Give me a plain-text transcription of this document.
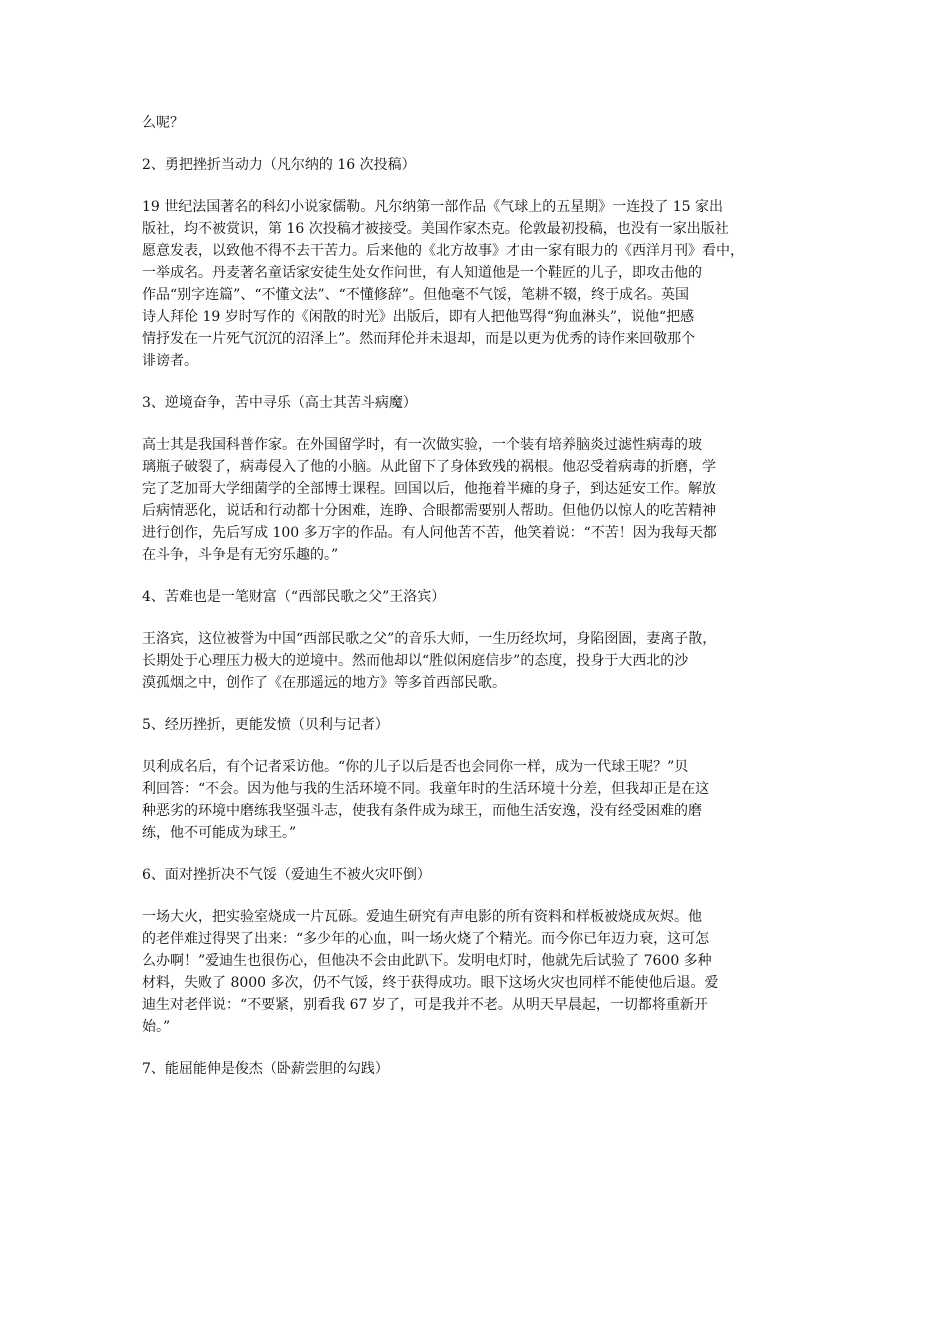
么呢？
2、勇把挫折当动力（凡尔纳的 16 次投稿）
19 世纪法国著名的科幻小说家儒勒。凡尔纳第一部作品《气球上的五星期》一连投了 15 家出
版社，均不被赏识，第 16 次投稿才被接受。美国作家杰克。伦敦最初投稿，也没有一家出版社
愿意发表，以致他不得不去干苦力。后来他的《北方故事》才由一家有眼力的《西洋月刊》看中，
一举成名。丹麦著名童话家安徒生处女作问世，有人知道他是一个鞋匠的儿子，即攻击他的
作品“别字连篇”、“不懂文法”、“不懂修辞”。但他毫不气馁，笔耕不辍，终于成名。英国
诗人拜伦 19 岁时写作的《闲散的时光》出版后，即有人把他骂得“狗血淋头”，说他“把感
情抒发在一片死气沉沉的沼泽上”。然而拜伦并未退却，而是以更为优秀的诗作来回敬那个
诽谤者。
3、逆境奋争，苦中寻乐（高士其苦斗病魔）
高士其是我国科普作家。在外国留学时，有一次做实验，一个装有培养脑炎过滤性病毒的玻
璃瓶子破裂了，病毒侵入了他的小脑。从此留下了身体致残的祸根。他忍受着病毒的折磨，学
完了芝加哥大学细菌学的全部博士课程。回国以后，他拖着半瘫的身子，到达延安工作。解放
后病情恶化，说话和行动都十分困难，连睁、合眼都需要别人帮助。但他仍以惊人的吃苦精神
进行创作，先后写成 100 多万字的作品。有人问他苦不苦，他笑着说：“不苦！因为我每天都
在斗争，斗争是有无穷乐趣的。”
4、苦难也是一笔财富（“西部民歌之父”王洛宾）
王洛宾，这位被誉为中国“西部民歌之父”的音乐大师，一生历经坎坷，身陷囹圄，妻离子散，
长期处于心理压力极大的逆境中。然而他却以“胜似闲庭信步”的态度，投身于大西北的沙
漠孤烟之中，创作了《在那遥远的地方》等多首西部民歌。
5、经历挫折，更能发愤（贝利与记者）
贝利成名后，有个记者采访他。“你的儿子以后是否也会同你一样，成为一代球王呢？”贝
利回答：“不会。因为他与我的生活环境不同。我童年时的生活环境十分差，但我却正是在这
种恶劣的环境中磨练我坚强斗志，使我有条件成为球王，而他生活安逸，没有经受困难的磨
练，他不可能成为球王。”
6、面对挫折决不气馁（爱迪生不被火灾吓倒）
一场大火，把实验室烧成一片瓦砾。爱迪生研究有声电影的所有资料和样板被烧成灰烬。他
的老伴难过得哭了出来：“多少年的心血，叫一场火烧了个精光。而今你已年迈力衰，这可怎
么办啊！”爱迪生也很伤心，但他决不会由此趴下。发明电灯时，他就先后试验了 7600 多种
材料，失败了 8000 多次，仍不气馁，终于获得成功。眼下这场火灾也同样不能使他后退。爱
迪生对老伴说：“不要紧，别看我 67 岁了，可是我并不老。从明天早晨起，一切都将重新开
始。”
7、能屈能伸是俊杰（卧薪尝胆的勾践）
